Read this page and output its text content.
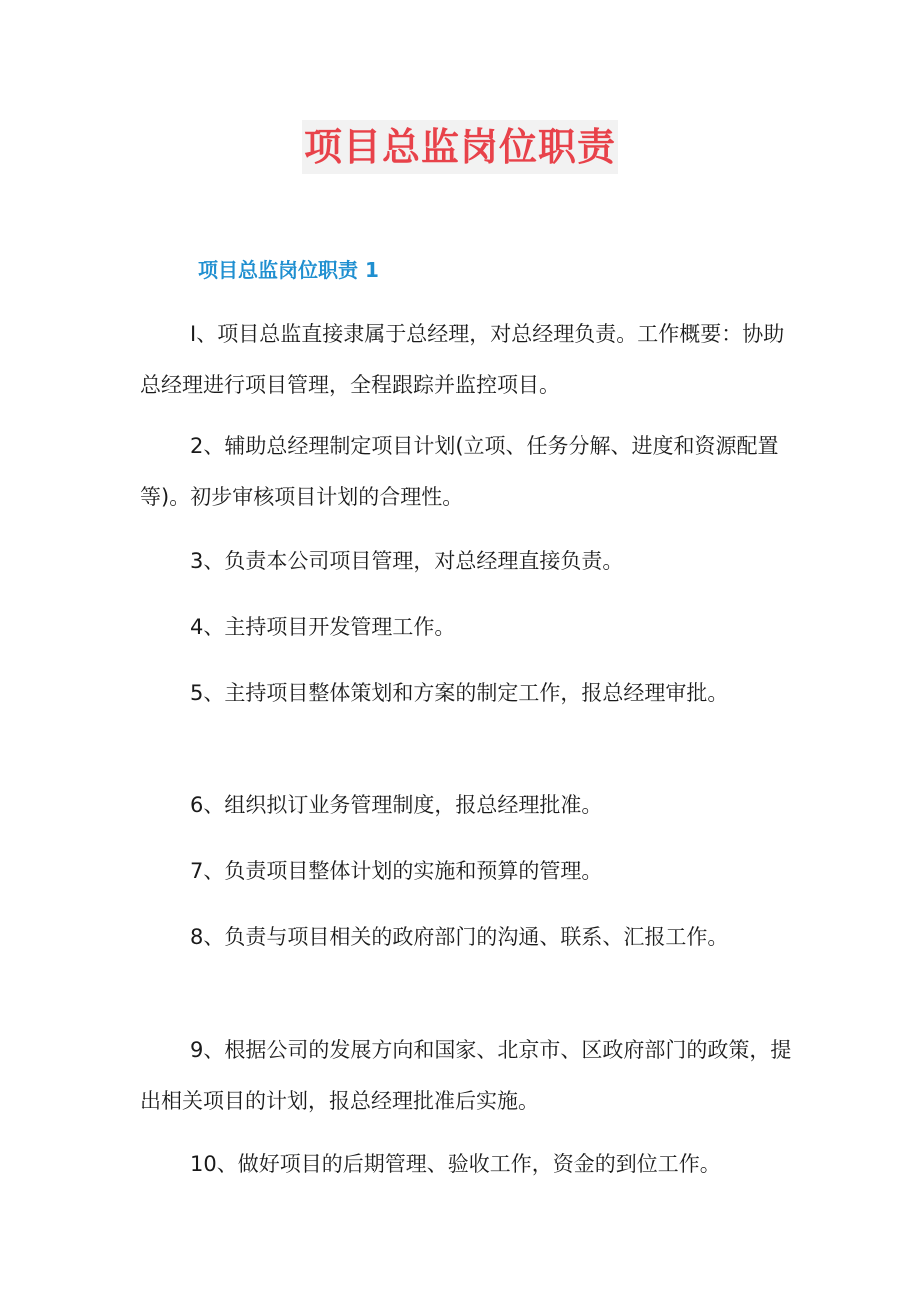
项目总监岗位职责
项目总监岗位职责 1

I、项目总监直接隶属于总经理，对总经理负责。工作概要：协助总经理进行项目管理，全程跟踪并监控项目。

2、辅助总经理制定项目计划(立项、任务分解、进度和资源配置等)。初步审核项目计划的合理性。

3、负责本公司项目管理，对总经理直接负责。

4、主持项目开发管理工作。

5、主持项目整体策划和方案的制定工作，报总经理审批。

6、组织拟订业务管理制度，报总经理批准。

7、负责项目整体计划的实施和预算的管理。

8、负责与项目相关的政府部门的沟通、联系、汇报工作。

9、根据公司的发展方向和国家、北京市、区政府部门的政策，提出相关项目的计划，报总经理批准后实施。

10、做好项目的后期管理、验收工作，资金的到位工作。
